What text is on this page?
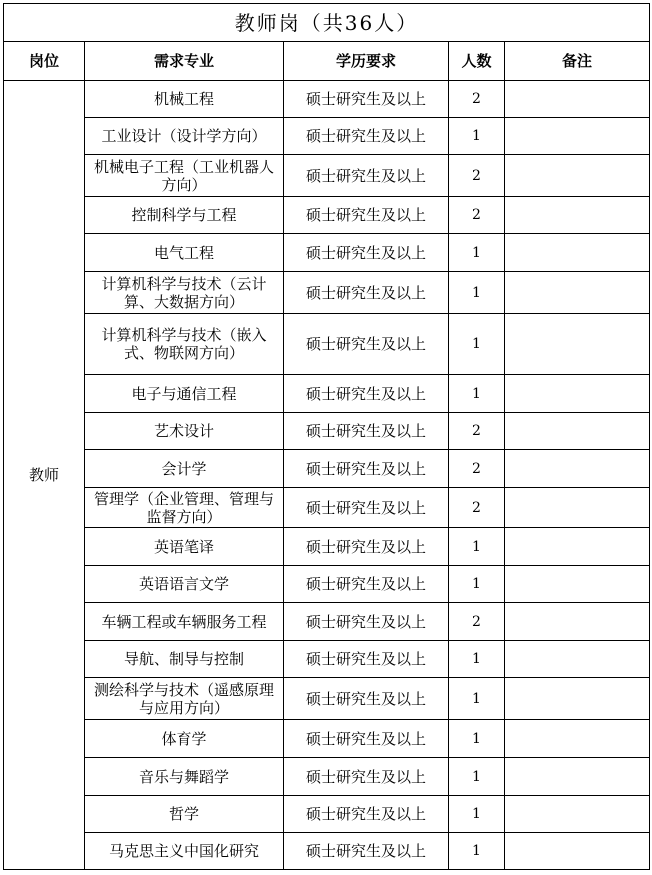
教师岗（共36人）				
岗位	需求专业	学历要求	人数	备注
教师	机械工程	硕士研究生及以上	2	
	工业设计（设计学方向）	硕士研究生及以上	1	
	机械电子工程（工业机器人方向）	硕士研究生及以上	2	
	控制科学与工程	硕士研究生及以上	2	
	电气工程	硕士研究生及以上	1	
	计算机科学与技术（云计算、大数据方向）	硕士研究生及以上	1	
	计算机科学与技术（嵌入式、物联网方向）	硕士研究生及以上	1	
	电子与通信工程	硕士研究生及以上	1	
	艺术设计	硕士研究生及以上	2	
	会计学	硕士研究生及以上	2	
	管理学（企业管理、管理与监督方向）	硕士研究生及以上	2	
	英语笔译	硕士研究生及以上	1	
	英语语言文学	硕士研究生及以上	1	
	车辆工程或车辆服务工程	硕士研究生及以上	2	
	导航、制导与控制	硕士研究生及以上	1	
	测绘科学与技术（遥感原理与应用方向）	硕士研究生及以上	1	
	体育学	硕士研究生及以上	1	
	音乐与舞蹈学	硕士研究生及以上	1	
	哲学	硕士研究生及以上	1	
	马克思主义中国化研究	硕士研究生及以上	1	
